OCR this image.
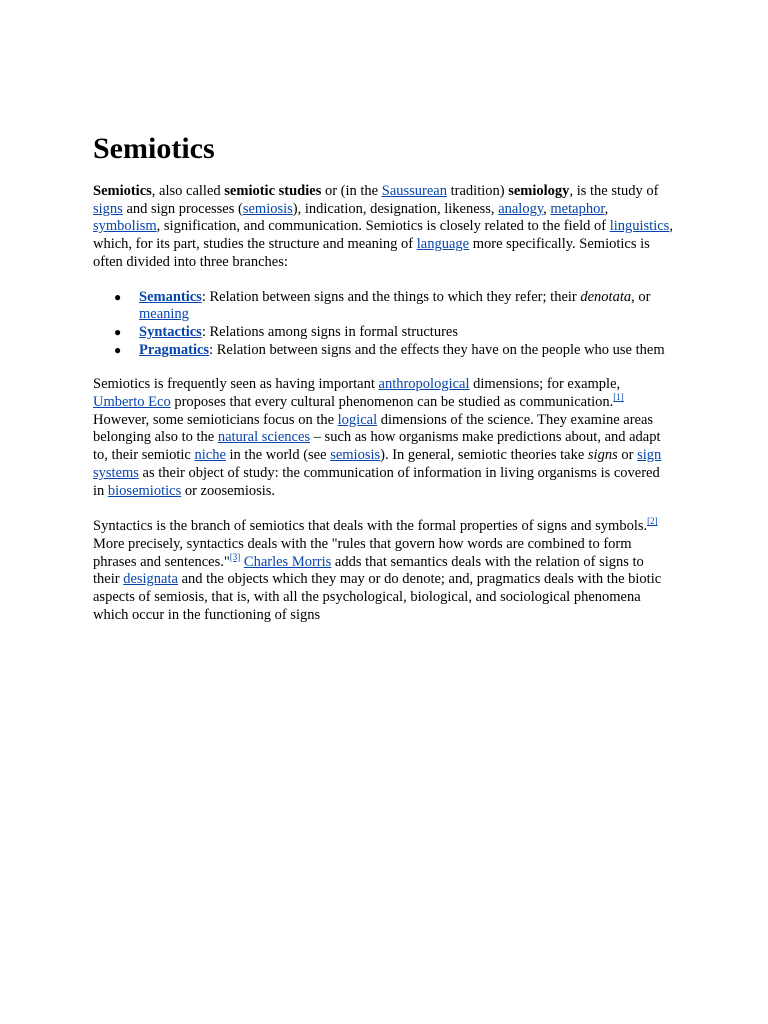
Semiotics

Semiotics, also called semiotic studies or (in the Saussurean tradition) semiology, is the study of signs and sign processes (semiosis), indication, designation, likeness, analogy, metaphor, symbolism, signification, and communication. Semiotics is closely related to the field of linguistics, which, for its part, studies the structure and meaning of language more specifically. Semiotics is often divided into three branches:

● Semantics: Relation between signs and the things to which they refer; their denotata, or meaning
● Syntactics: Relations among signs in formal structures
● Pragmatics: Relation between signs and the effects they have on the people who use them

Semiotics is frequently seen as having important anthropological dimensions; for example, Umberto Eco proposes that every cultural phenomenon can be studied as communication.[1] However, some semioticians focus on the logical dimensions of the science. They examine areas belonging also to the natural sciences – such as how organisms make predictions about, and adapt to, their semiotic niche in the world (see semiosis). In general, semiotic theories take signs or sign systems as their object of study: the communication of information in living organisms is covered in biosemiotics or zoosemiosis.

Syntactics is the branch of semiotics that deals with the formal properties of signs and symbols.[2] More precisely, syntactics deals with the "rules that govern how words are combined to form phrases and sentences."[3] Charles Morris adds that semantics deals with the relation of signs to their designata and the objects which they may or do denote; and, pragmatics deals with the biotic aspects of semiosis, that is, with all the psychological, biological, and sociological phenomena which occur in the functioning of signs
